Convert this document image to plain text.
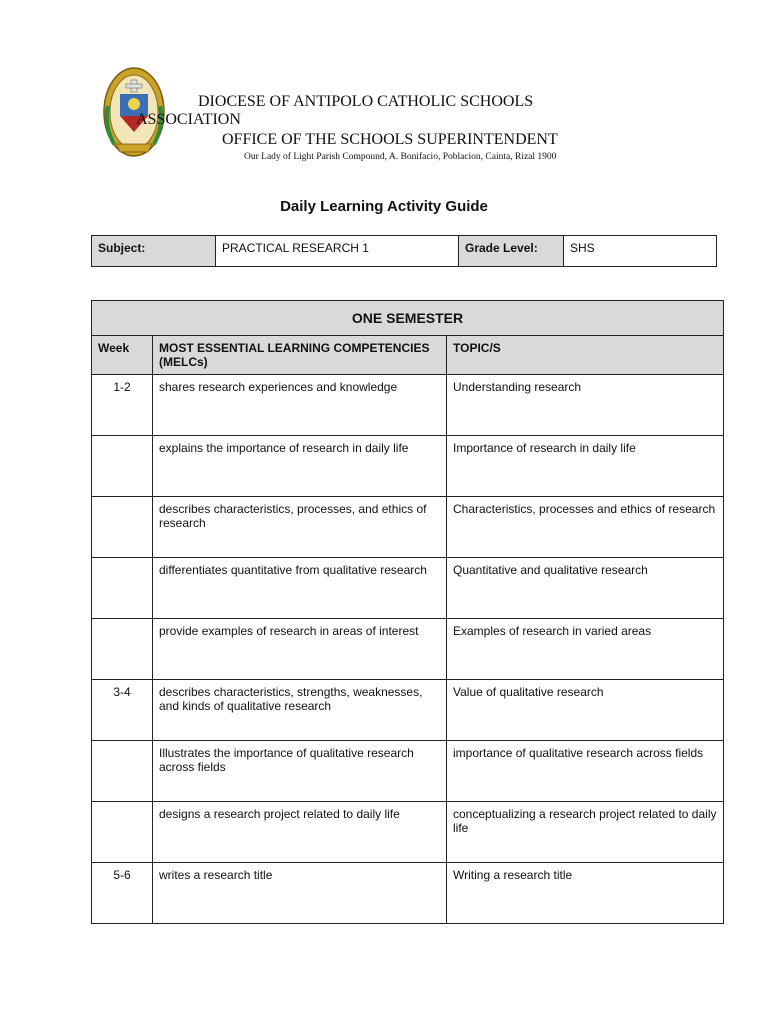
DIOCESE OF ANTIPOLO CATHOLIC SCHOOLS
ASSOCIATION
OFFICE OF THE SCHOOLS SUPERINTENDENT
Our Lady of Light Parish Compound, A. Bonifacio, Poblacion, Cainta, Rizal 1900
Daily Learning Activity Guide
Subject:	PRACTICAL RESEARCH 1	Grade Level:	SHS
ONE SEMESTER		
Week	MOST ESSENTIAL LEARNING COMPETENCIES (MELCs)	TOPIC/S
1-2	shares research experiences and knowledge	Understanding research
	explains the importance of research in daily life	Importance of research in daily life
	describes characteristics, processes, and ethics of research	Characteristics, processes and ethics of research
	differentiates quantitative from qualitative research	Quantitative and qualitative research
	provide examples of research in areas of interest	Examples of research in varied areas
3-4	describes characteristics, strengths, weaknesses, and kinds of qualitative research	Value of qualitative research
	Illustrates the importance of qualitative research across fields	importance of qualitative research across fields
	designs a research project related to daily life	conceptualizing a research project related to daily life
5-6	writes a research title	Writing a research title
